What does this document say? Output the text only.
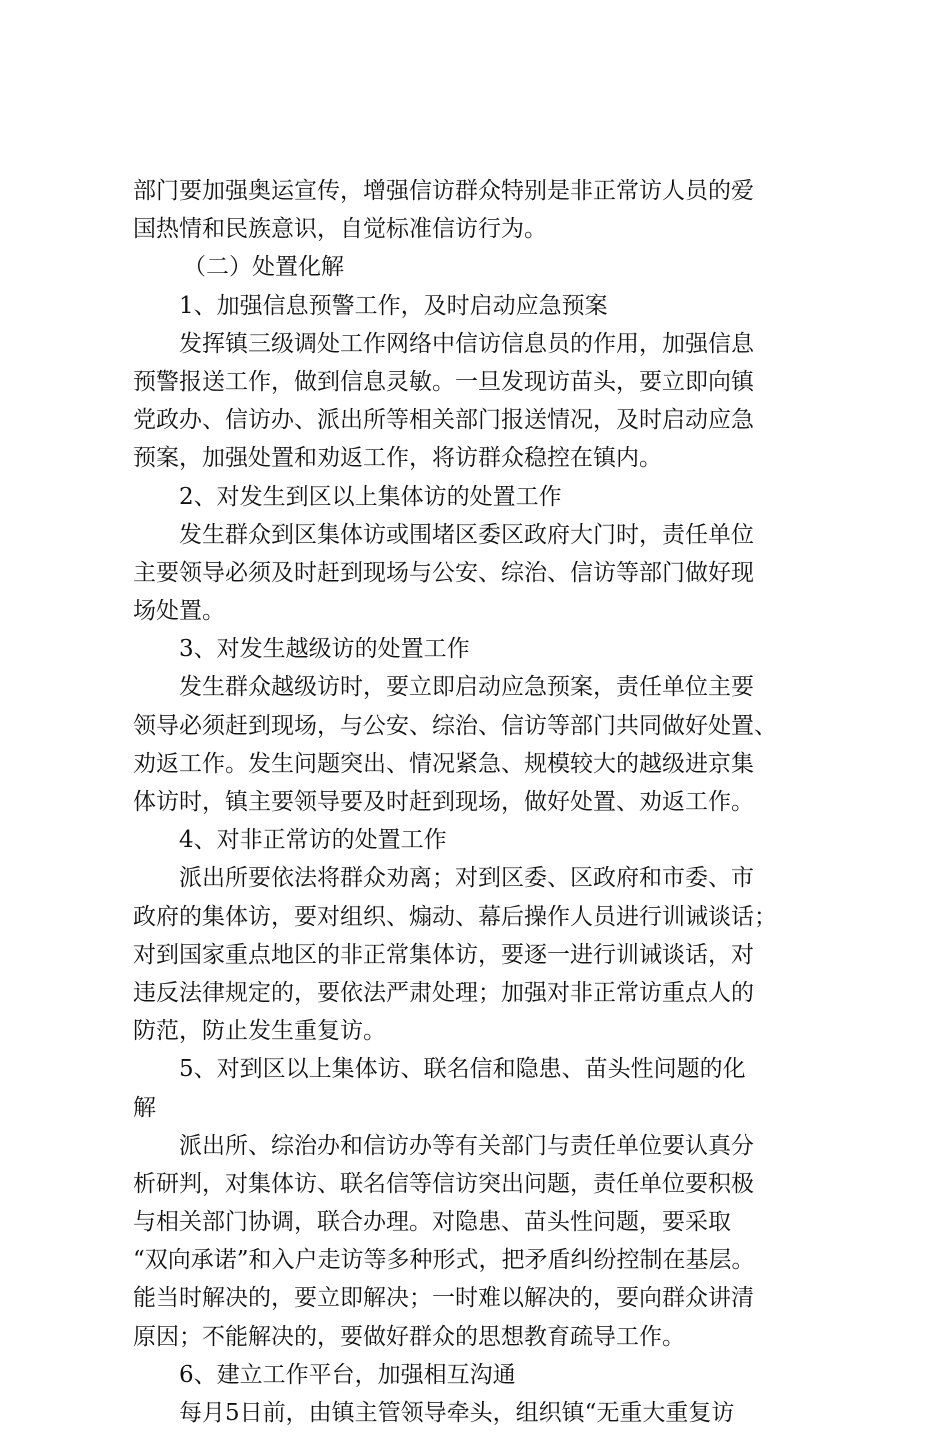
部门要加强奥运宣传，增强信访群众特别是非正常访人员的爱
国热情和民族意识，自觉标准信访行为。
（二）处置化解
1、加强信息预警工作，及时启动应急预案
发挥镇三级调处工作网络中信访信息员的作用，加强信息
预警报送工作，做到信息灵敏。一旦发现访苗头，要立即向镇
党政办、信访办、派出所等相关部门报送情况，及时启动应急
预案，加强处置和劝返工作，将访群众稳控在镇内。
2、对发生到区以上集体访的处置工作
发生群众到区集体访或围堵区委区政府大门时，责任单位
主要领导必须及时赶到现场与公安、综治、信访等部门做好现
场处置。
3、对发生越级访的处置工作
发生群众越级访时，要立即启动应急预案，责任单位主要
领导必须赶到现场，与公安、综治、信访等部门共同做好处置、
劝返工作。发生问题突出、情况紧急、规模较大的越级进京集
体访时，镇主要领导要及时赶到现场，做好处置、劝返工作。
4、对非正常访的处置工作
派出所要依法将群众劝离；对到区委、区政府和市委、市
政府的集体访，要对组织、煽动、幕后操作人员进行训诫谈话；
对到国家重点地区的非正常集体访，要逐一进行训诫谈话，对
违反法律规定的，要依法严肃处理；加强对非正常访重点人的
防范，防止发生重复访。
5、对到区以上集体访、联名信和隐患、苗头性问题的化
解
派出所、综治办和信访办等有关部门与责任单位要认真分
析研判，对集体访、联名信等信访突出问题，责任单位要积极
与相关部门协调，联合办理。对隐患、苗头性问题，要采取
“双向承诺”和入户走访等多种形式，把矛盾纠纷控制在基层。
能当时解决的，要立即解决；一时难以解决的，要向群众讲清
原因；不能解决的，要做好群众的思想教育疏导工作。
6、建立工作平台，加强相互沟通
每月5日前，由镇主管领导牵头，组织镇“无重大重复访
